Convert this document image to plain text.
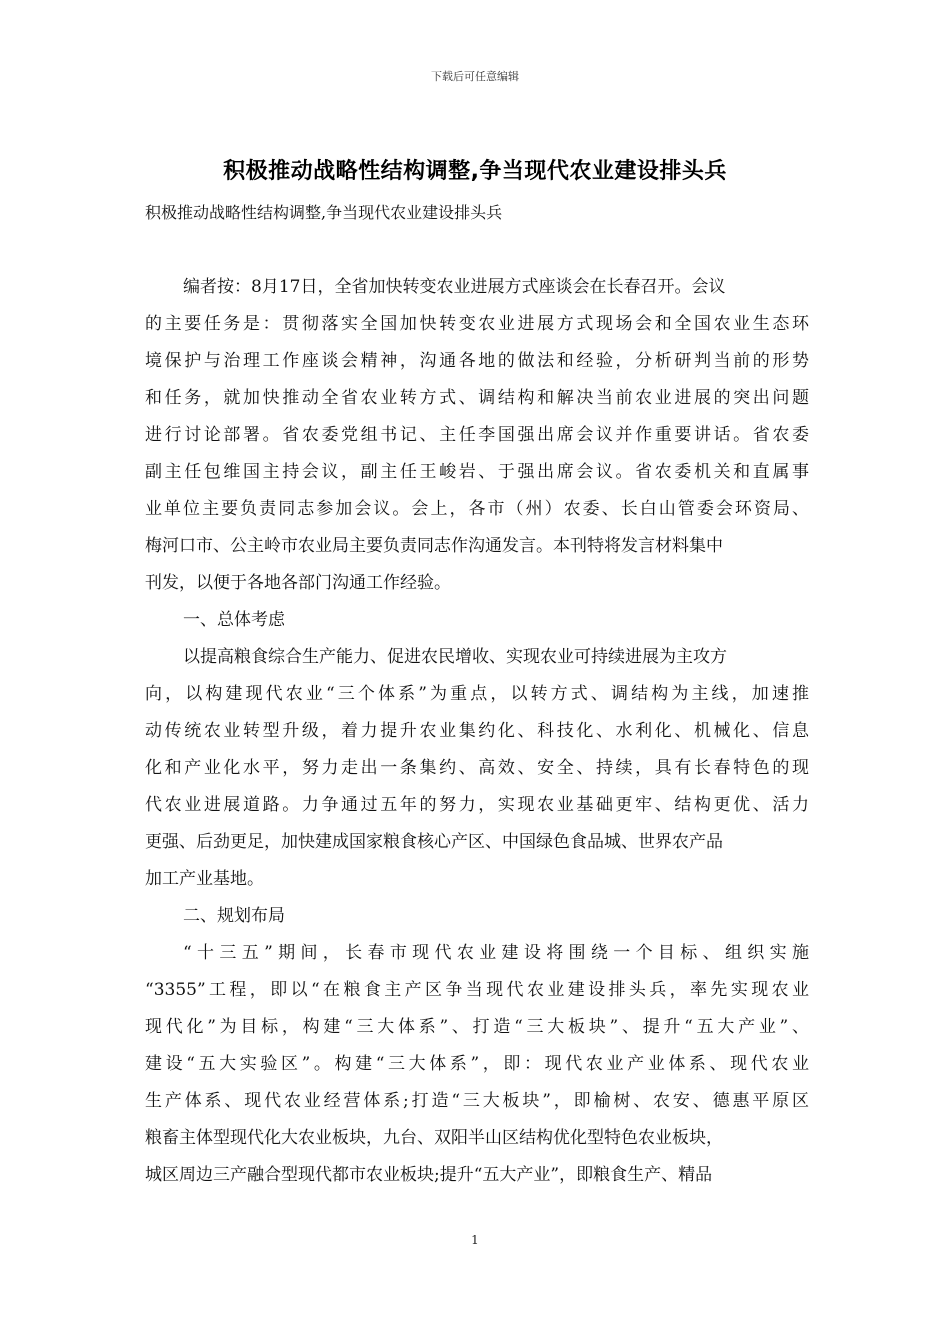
下载后可任意编辑
积极推动战略性结构调整,争当现代农业建设排头兵
积极推动战略性结构调整,争当现代农业建设排头兵
编者按：8月17日，全省加快转变农业进展方式座谈会在长春召开。会议
的主要任务是：贯彻落实全国加快转变农业进展方式现场会和全国农业生态环
境保护与治理工作座谈会精神，沟通各地的做法和经验，分析研判当前的形势
和任务，就加快推动全省农业转方式、调结构和解决当前农业进展的突出问题
进行讨论部署。省农委党组书记、主任李国强出席会议并作重要讲话。省农委
副主任包维国主持会议，副主任王峻岩、于强出席会议。省农委机关和直属事
业单位主要负责同志参加会议。会上，各市（州）农委、长白山管委会环资局、
梅河口市、公主岭市农业局主要负责同志作沟通发言。本刊特将发言材料集中
刊发，以便于各地各部门沟通工作经验。
一、总体考虑
以提高粮食综合生产能力、促进农民增收、实现农业可持续进展为主攻方
向，以构建现代农业“三个体系”为重点，以转方式、调结构为主线，加速推
动传统农业转型升级，着力提升农业集约化、科技化、水利化、机械化、信息
化和产业化水平，努力走出一条集约、高效、安全、持续，具有长春特色的现
代农业进展道路。力争通过五年的努力，实现农业基础更牢、结构更优、活力
更强、后劲更足，加快建成国家粮食核心产区、中国绿色食品城、世界农产品
加工产业基地。
二、规划布局
“十三五”期间，长春市现代农业建设将围绕一个目标、组织实施
“3355”工程，即以“在粮食主产区争当现代农业建设排头兵，率先实现农业
现代化”为目标，构建“三大体系”、打造“三大板块”、提升“五大产业”、
建设“五大实验区”。构建“三大体系”，即：现代农业产业体系、现代农业
生产体系、现代农业经营体系;打造“三大板块”，即榆树、农安、德惠平原区
粮畜主体型现代化大农业板块，九台、双阳半山区结构优化型特色农业板块，
城区周边三产融合型现代都市农业板块;提升“五大产业”，即粮食生产、精品
1
